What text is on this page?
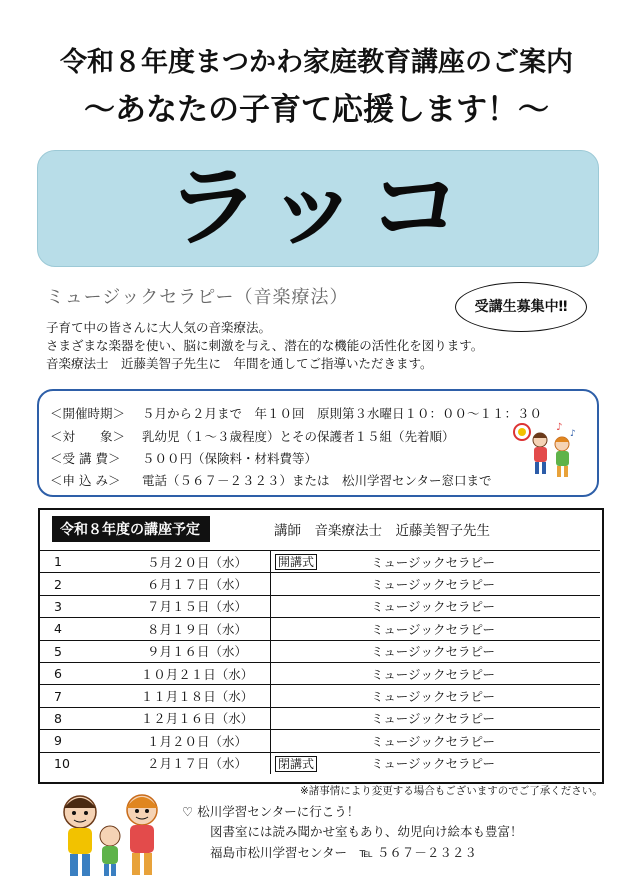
令和８年度まつかわ家庭教育講座のご案内
～あなたの子育て応援します！～
ラッコ
ミュージックセラピー（音楽療法）	受講生募集中‼
子育て中の皆さんに大人気の音楽療法。
さまざまな楽器を使い、脳に刺激を与え、潜在的な機能の活性化を図ります。
音楽療法士　近藤美智子先生に　年間を通してご指導いただきます。
＜開催時期＞ ５月から２月まで　年１０回　原則第３水曜日１０：００～１１：３０
＜対　　象＞ 乳幼児（１～３歳程度）とその保護者１５組（先着順）
＜受 講 費＞ ５００円（保険料・材料費等）
＜申 込 み＞ 電話（５６７－２３２３）または　松川学習センター窓口まで
♪
♪
令和８年度の講座予定	講師　音楽療法士　近藤美智子先生
1	５月２０日（水）	開講式	ミュージックセラピー
2	６月１７日（水）		ミュージックセラピー
3	７月１５日（水）		ミュージックセラピー
4	８月１９日（水）		ミュージックセラピー
5	９月１６日（水）		ミュージックセラピー
6	１０月２１日（水）		ミュージックセラピー
7	１１月１８日（水）		ミュージックセラピー
8	１２月１６日（水）		ミュージックセラピー
9	１月２０日（水）		ミュージックセラピー
10	２月１７日（水）	閉講式	ミュージックセラピー
※諸事情により変更する場合もございますのでご了承ください。
♡ 松川学習センターに行こう！
図書室には読み聞かせ室もあり、幼児向け絵本も豊富！
福島市松川学習センター　℡ ５６７－２３２３
